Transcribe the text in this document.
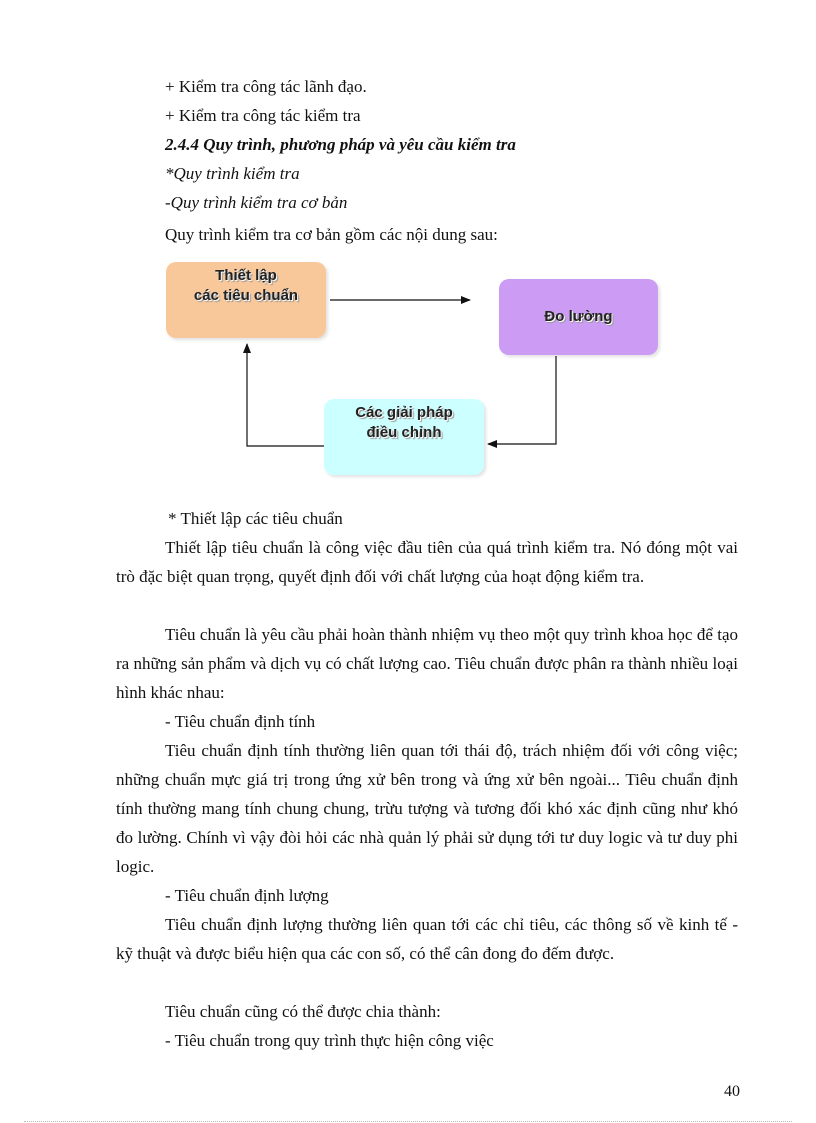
+ Kiểm tra công tác lãnh đạo.
+ Kiểm tra công tác kiểm tra
2.4.4 Quy trình, phương pháp và yêu cầu kiểm tra
*Quy trình kiểm tra
-Quy trình kiểm tra cơ bản
Quy trình kiểm tra cơ bản gồm các nội dung sau:
Thiết lập
các tiêu chuẩn
Đo lường
Các giải pháp
điều chỉnh
* Thiết lập các tiêu chuẩn
Thiết lập tiêu chuẩn là công việc đầu tiên của quá trình kiểm tra. Nó đóng một vai trò đặc biệt quan trọng, quyết định đối với chất lượng của hoạt động kiểm tra.
Tiêu chuẩn là yêu cầu phải hoàn thành nhiệm vụ theo một quy trình khoa học để tạo ra những sản phẩm và dịch vụ có chất lượng cao. Tiêu chuẩn được phân ra thành nhiều loại hình khác nhau:
- Tiêu chuẩn định tính
Tiêu chuẩn định tính thường liên quan tới thái độ, trách nhiệm đối với công việc; những chuẩn mực giá trị trong ứng xử bên trong và ứng xử bên ngoài... Tiêu chuẩn định tính thường mang tính chung chung, trừu tượng và tương đối khó xác định cũng như khó đo lường. Chính vì vậy đòi hỏi các nhà quản lý phải sử dụng tới tư duy logic và tư duy phi logic.
- Tiêu chuẩn định lượng
Tiêu chuẩn định lượng thường liên quan tới các chỉ tiêu, các thông số về kinh tế - kỹ thuật và được biểu hiện qua các con số, có thể cân đong đo đếm được.
Tiêu chuẩn cũng có thể được chia thành:
- Tiêu chuẩn trong quy trình thực hiện công việc
40
